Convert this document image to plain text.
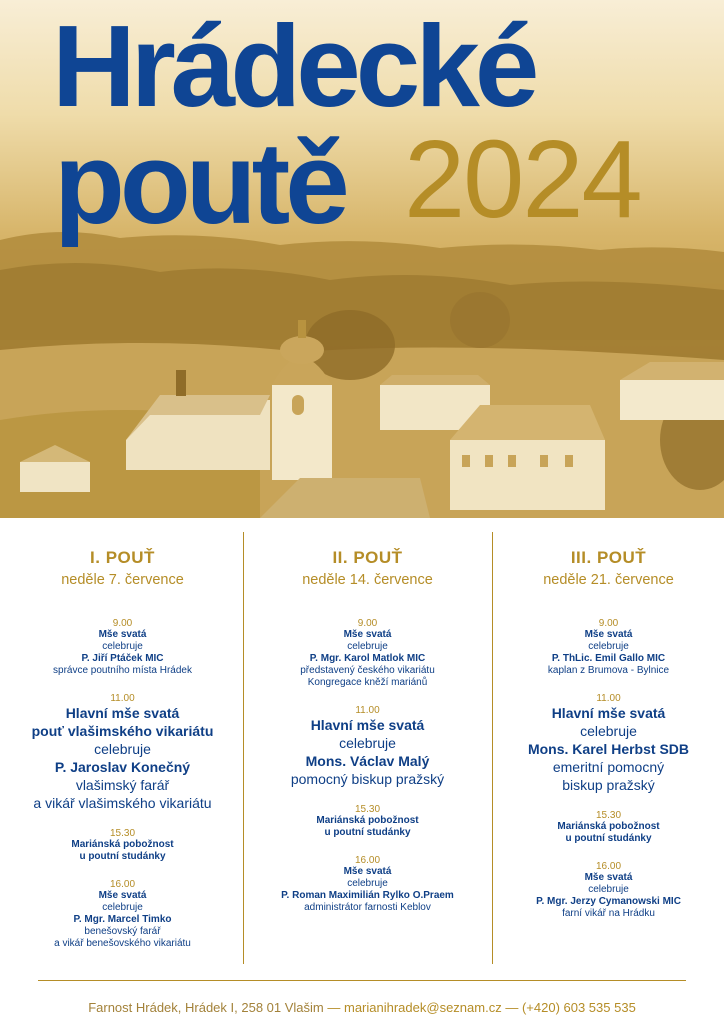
Hrádecké
poutě 2024
I. POUŤ
neděle 7. července
9.00
Mše svatá
celebruje
P. Jiří Ptáček MIC
správce poutního místa Hrádek
11.00
Hlavní mše svatá
pouť vlašimského vikariátu
celebruje
P. Jaroslav Konečný
vlašimský farář
a vikář vlašimského vikariátu
15.30
Mariánská pobožnost
u poutní studánky
16.00
Mše svatá
celebruje
P. Mgr. Marcel Timko
benešovský farář
a vikář benešovského vikariátu
II. POUŤ
neděle 14. července
9.00
Mše svatá
celebruje
P. Mgr. Karol Matlok MIC
představený českého vikariátu
Kongregace kněží mariánů
11.00
Hlavní mše svatá
celebruje
Mons. Václav Malý
pomocný biskup pražský
15.30
Mariánská pobožnost
u poutní studánky
16.00
Mše svatá
celebruje
P. Roman Maximilián Rylko O.Praem
administrátor farnosti Keblov
III. POUŤ
neděle 21. července
9.00
Mše svatá
celebruje
P. ThLic. Emil Gallo MIC
kaplan z Brumova - Bylnice
11.00
Hlavní mše svatá
celebruje
Mons. Karel Herbst SDB
emeritní pomocný
biskup pražský
15.30
Mariánská pobožnost
u poutní studánky
16.00
Mše svatá
celebruje
P. Mgr. Jerzy Cymanowski MIC
farní vikář na Hrádku
Farnost Hrádek, Hrádek I, 258 01 Vlašim — marianihradek@seznam.cz — (+420) 603 535 535
